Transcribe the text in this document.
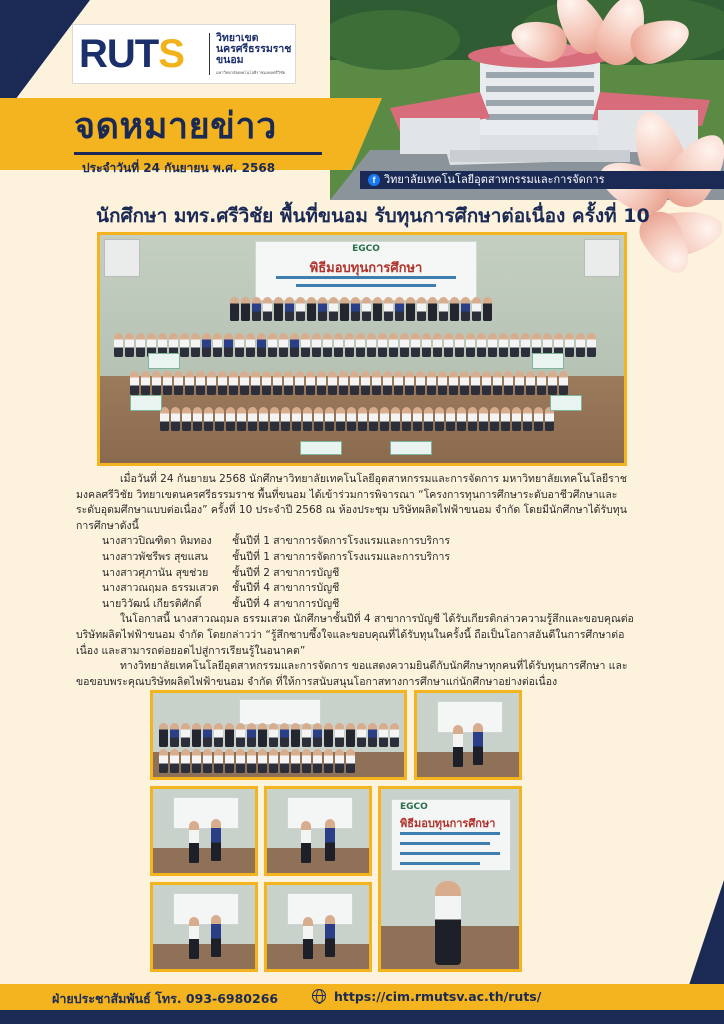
RUTS	วิทยาเขต
นครศรีธรรมราช
ขนอม
มหาวิทยาลัยเทคโนโลยีราชมงคลศรีวิชัย
จดหมายข่าว
ประจำวันที่ 24 กันยายน พ.ศ. 2568
f วิทยาลัยเทคโนโลยีอุตสาหกรรมและการจัดการ
นักศึกษา มทร.ศรีวิชัย พื้นที่ขนอม รับทุนการศึกษาต่อเนื่อง ครั้งที่ 10
EGCO
พิธีมอบทุนการศึกษา

เมื่อวันที่ 24 กันยายน 2568 นักศึกษาวิทยาลัยเทคโนโลยีอุตสาหกรรมและการจัดการ มหาวิทยาลัยเทคโนโลยีราชมงคลศรีวิชัย วิทยาเขตนครศรีธรรมราช พื้นที่ขนอม ได้เข้าร่วมการพิจารณา “โครงการทุนการศึกษาระดับอาชีวศึกษาและระดับอุดมศึกษาแบบต่อเนื่อง” ครั้งที่ 10 ประจำปี 2568 ณ ห้องประชุม บริษัทผลิตไฟฟ้าขนอม จำกัด โดยมีนักศึกษาได้รับทุนการศึกษาดังนี้

นางสาวปิณฑิตา หิมทอง	ชั้นปีที่ 1 สาขาการจัดการโรงแรมและการบริการ
นางสาวพัชรีพร สุขแสน	ชั้นปีที่ 1 สาขาการจัดการโรงแรมและการบริการ
นางสาวศุภานัน สุขช่วย	ชั้นปีที่ 2 สาขาการบัญชี
นางสาวณฤมล ธรรมเสวต	ชั้นปีที่ 4 สาขาการบัญชี
นายวิวัฒน์ เกียรติศักดิ์	ชั้นปีที่ 4 สาขาการบัญชี

ในโอกาสนี้ นางสาวณฤมล ธรรมเสวต นักศึกษาชั้นปีที่ 4 สาขาการบัญชี ได้รับเกียรติกล่าวความรู้สึกและขอบคุณต่อบริษัทผลิตไฟฟ้าขนอม จำกัด โดยกล่าวว่า “รู้สึกซาบซึ้งใจและขอบคุณที่ได้รับทุนในครั้งนี้ ถือเป็นโอกาสอันดีในการศึกษาต่อเนื่อง และสามารถต่อยอดไปสู่การเรียนรู้ในอนาคต”

ทางวิทยาลัยเทคโนโลยีอุตสาหกรรมและการจัดการ ขอแสดงความยินดีกับนักศึกษาทุกคนที่ได้รับทุนการศึกษา และขอขอบพระคุณบริษัทผลิตไฟฟ้าขนอม จำกัด ที่ให้การสนับสนุนโอกาสทางการศึกษาแก่นักศึกษาอย่างต่อเนื่อง

EGCO
พิธีมอบทุนการศึกษา
ฝ่ายประชาสัมพันธ์ โทร. 093-6980266	https://cim.rmutsv.ac.th/ruts/
